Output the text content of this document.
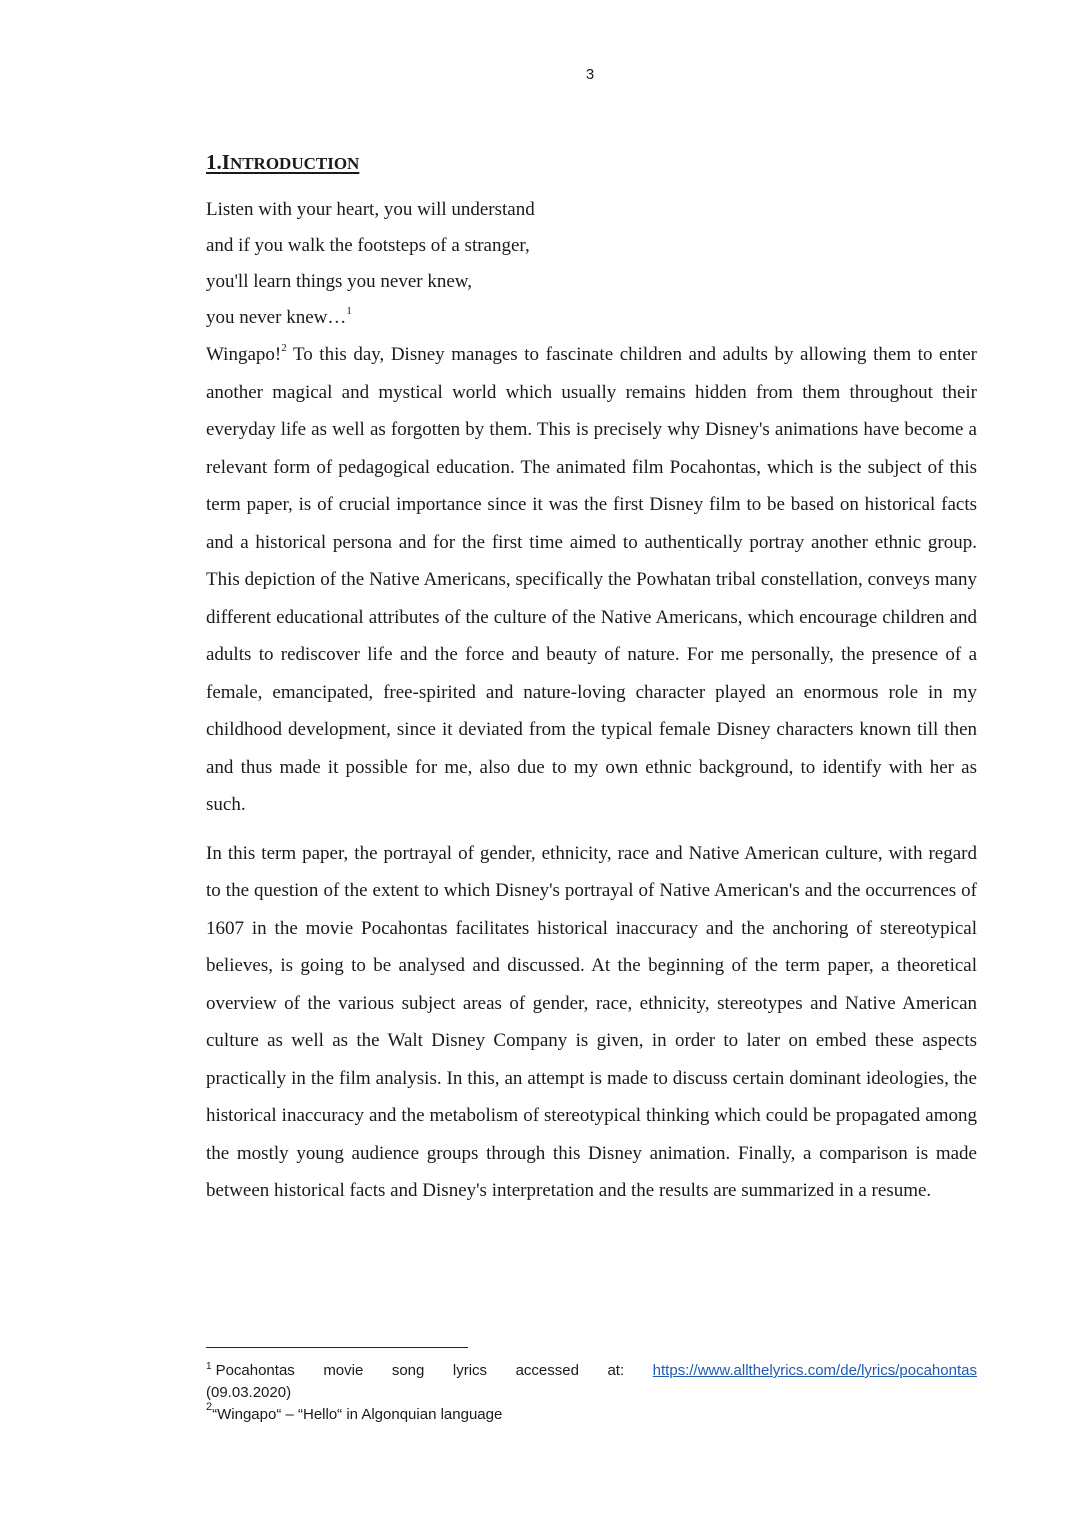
3
1.INTRODUCTION
Listen with your heart, you will understand
and if you walk the footsteps of a stranger,
you'll learn things you never knew,
you never knew…$^1$

Wingapo!$^2$ To this day, Disney manages to fascinate children and adults by allowing them to enter another magical and mystical world which usually remains hidden from them throughout their everyday life as well as forgotten by them. This is precisely why Disney's animations have become a relevant form of pedagogical education. The animated film Pocahontas, which is the subject of this term paper, is of crucial importance since it was the first Disney film to be based on historical facts and a historical persona and for the first time aimed to authentically portray another ethnic group. This depiction of the Native Americans, specifically the Powhatan tribal constellation, conveys many different educational attributes of the culture of the Native Americans, which encourage children and adults to rediscover life and the force and beauty of nature. For me personally, the presence of a female, emancipated, free-spirited and nature-loving character played an enormous role in my childhood development, since it deviated from the typical female Disney characters known till then and thus made it possible for me, also due to my own ethnic background, to identify with her as such.

In this term paper, the portrayal of gender, ethnicity, race and Native American culture, with regard to the question of the extent to which Disney's portrayal of Native American's and the occurrences of 1607 in the movie Pocahontas facilitates historical inaccuracy and the anchoring of stereotypical believes, is going to be analysed and discussed. At the beginning of the term paper, a theoretical overview of the various subject areas of gender, race, ethnicity, stereotypes and Native American culture as well as the Walt Disney Company is given, in order to later on embed these aspects practically in the film analysis. In this, an attempt is made to discuss certain dominant ideologies, the historical inaccuracy and the metabolism of stereotypical thinking which could be propagated among the mostly young audience groups through this Disney animation. Finally, a comparison is made between historical facts and Disney's interpretation and the results are summarized in a resume.

$^1$ Pocahontas movie song lyrics accessed at: https://www.allthelyrics.com/de/lyrics/pocahontas
(09.03.2020)
$^2$“Wingapo“ – “Hello“ in Algonquian language
